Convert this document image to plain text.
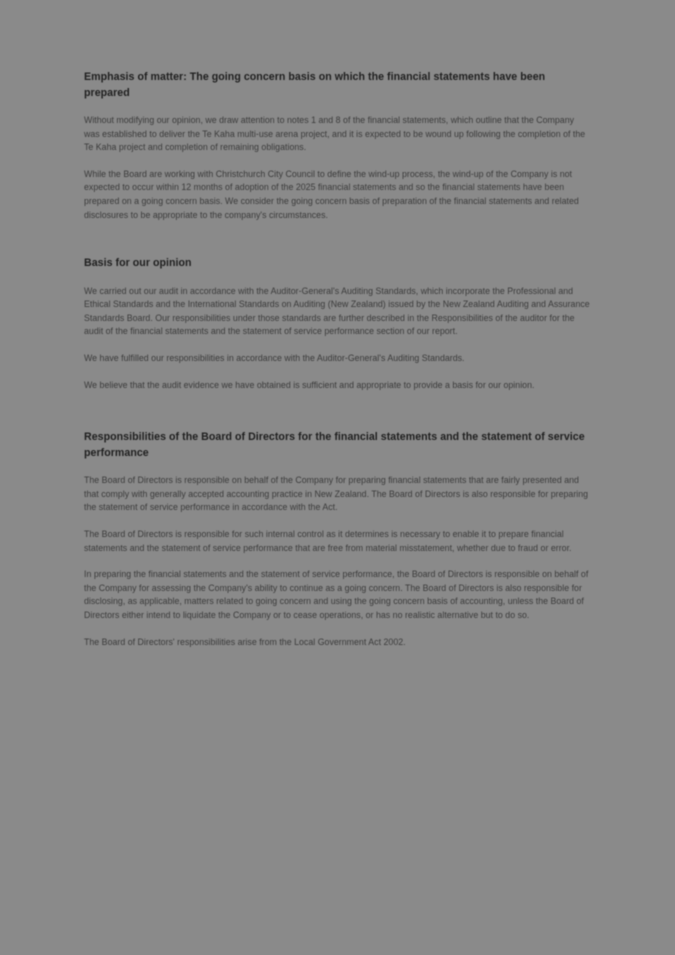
Emphasis of matter: The going concern basis on which the financial statements have been prepared

Without modifying our opinion, we draw attention to notes 1 and 8 of the financial statements, which outline that the Company was established to deliver the Te Kaha multi-use arena project, and it is expected to be wound up following the completion of the Te Kaha project and completion of remaining obligations.

While the Board are working with Christchurch City Council to define the wind-up process, the wind-up of the Company is not expected to occur within 12 months of adoption of the 2025 financial statements and so the financial statements have been prepared on a going concern basis. We consider the going concern basis of preparation of the financial statements and related disclosures to be appropriate to the company's circumstances.

Basis for our opinion

We carried out our audit in accordance with the Auditor-General's Auditing Standards, which incorporate the Professional and Ethical Standards and the International Standards on Auditing (New Zealand) issued by the New Zealand Auditing and Assurance Standards Board. Our responsibilities under those standards are further described in the Responsibilities of the auditor for the audit of the financial statements and the statement of service performance section of our report.

We have fulfilled our responsibilities in accordance with the Auditor-General's Auditing Standards.

We believe that the audit evidence we have obtained is sufficient and appropriate to provide a basis for our opinion.

Responsibilities of the Board of Directors for the financial statements and the statement of service performance

The Board of Directors is responsible on behalf of the Company for preparing financial statements that are fairly presented and that comply with generally accepted accounting practice in New Zealand. The Board of Directors is also responsible for preparing the statement of service performance in accordance with the Act.

The Board of Directors is responsible for such internal control as it determines is necessary to enable it to prepare financial statements and the statement of service performance that are free from material misstatement, whether due to fraud or error.

In preparing the financial statements and the statement of service performance, the Board of Directors is responsible on behalf of the Company for assessing the Company's ability to continue as a going concern. The Board of Directors is also responsible for disclosing, as applicable, matters related to going concern and using the going concern basis of accounting, unless the Board of Directors either intend to liquidate the Company or to cease operations, or has no realistic alternative but to do so.

The Board of Directors' responsibilities arise from the Local Government Act 2002.
